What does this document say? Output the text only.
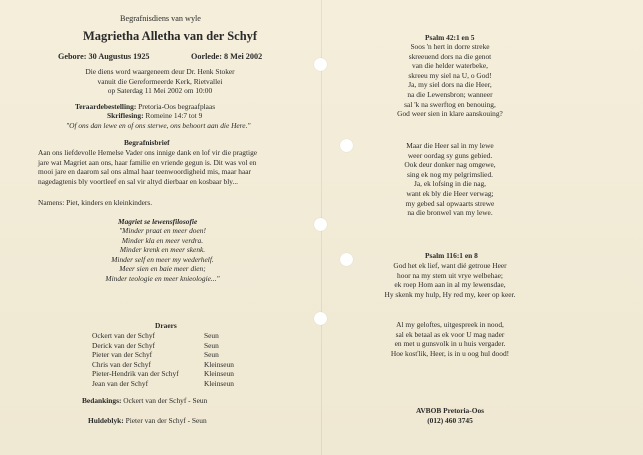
Begrafnisdiens van wyle
Magrietha Alletha van der Schyf
Gebore: 30 Augustus 1925	Oorlede: 8 Mei 2002
Die diens word waargeneem deur Dr. Henk Stoker
vanuit die Gereformeerde Kerk, Rietvallei
op Saterdag 11 Mei 2002 om 10:00
Teraardebestelling: Pretoria-Oos begraafplaas
Skriflesing: Romeine 14:7 tot 9
"Of ons dan lewe en of ons sterwe, ons behoort aan die Here."
Begrafnisbrief
Aan ons liefdevolle Hemelse Vader ons innige dank en lof vir die pragtige
jare wat Magriet aan ons, haar familie en vriende gegun is. Dit was vol en
mooi jare en daarom sal ons almal haar teenwoordigheid mis, maar haar
nagedagtenis bly voortleef en sal vir altyd dierbaar en kosbaar bly...
Namens: Piet, kinders en kleinkinders.
Magriet se lewensfilosofie
"Minder praat en meer doen!
Minder kla en meer verdra.
Minder krenk en meer skenk.
Minder self en meer my wederhelf.
Meer sien en baie meer dien;
Minder teologie en meer knieologie..."
Draers
Ockert van der Schyf	Seun
Derick van der Schyf	Seun
Pieter van der Schyf	Seun
Chris van der Schyf	Kleinseun
Pieter-Hendrik van der Schyf	Kleinseun
Jean van der Schyf	Kleinseun
Bedankings: Ockert van der Schyf - Seun
Huldeblyk: Pieter van der Schyf - Seun
Psalm 42:1 en 5
Soos 'n hert in dorre streke
skreeuend dors na die genot
van die helder waterbeke,
skreeu my siel na U, o God!
Ja, my siel dors na die Heer,
na die Lewensbron; wanneer
sal 'k na swerftog en benouing,
God weer sien in klare aanskouing?
Maar die Heer sal in my lewe
weer oordag sy guns gebied.
Ook deur donker nag omgewe,
sing ek nog my pelgrimslied.
Ja, ek lofsing in die nag,
want ek bly die Heer verwag;
my gebed sal opwaarts strewe
na die bronwel van my lewe.
Psalm 116:1 en 8
God het ek lief, want dié getroue Heer
hoor na my stem uit vrye welbehae;
ek roep Hom aan in al my lewensdae,
Hy skenk my hulp, Hy red my, keer op keer.
Al my geloftes, uitgespreek in nood,
sal ek betaal as ek voor U mag nader
en met u gunsvolk in u huis vergader.
Hoe kosťlik, Heer, is in u oog hul dood!
AVBOB Pretoria-Oos
(012) 460 3745
